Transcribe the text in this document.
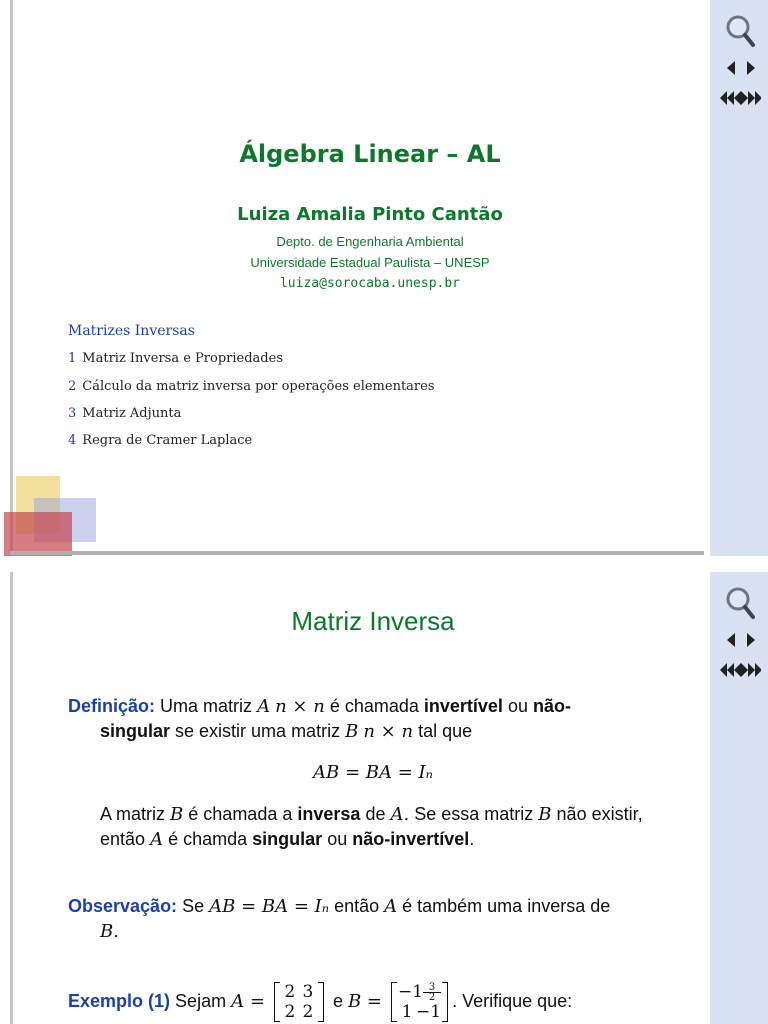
Álgebra Linear – AL
Luiza Amalia Pinto Cantão
Depto. de Engenharia Ambiental
Universidade Estadual Paulista – UNESP
luiza@sorocaba.unesp.br
Matrizes Inversas
1 Matriz Inversa e Propriedades
2 Cálculo da matriz inversa por operações elementares
3 Matriz Adjunta
4 Regra de Cramer Laplace
Matriz Inversa
Definição: Uma matriz A n × n é chamada invertível ou não-
singular se existir uma matriz B n × n tal que
AB = BA = Iₙ
A matriz B é chamada a inversa de A. Se essa matriz B não existir,
então A é chamda singular ou não-invertível.
Observação: Se AB = BA = Iₙ então A é também uma inversa de
B.
Exemplo (1) Sejam A = 2 3
2 2
e $B = -1\frac{3}{2}$
1 −1
. Verifique que:
